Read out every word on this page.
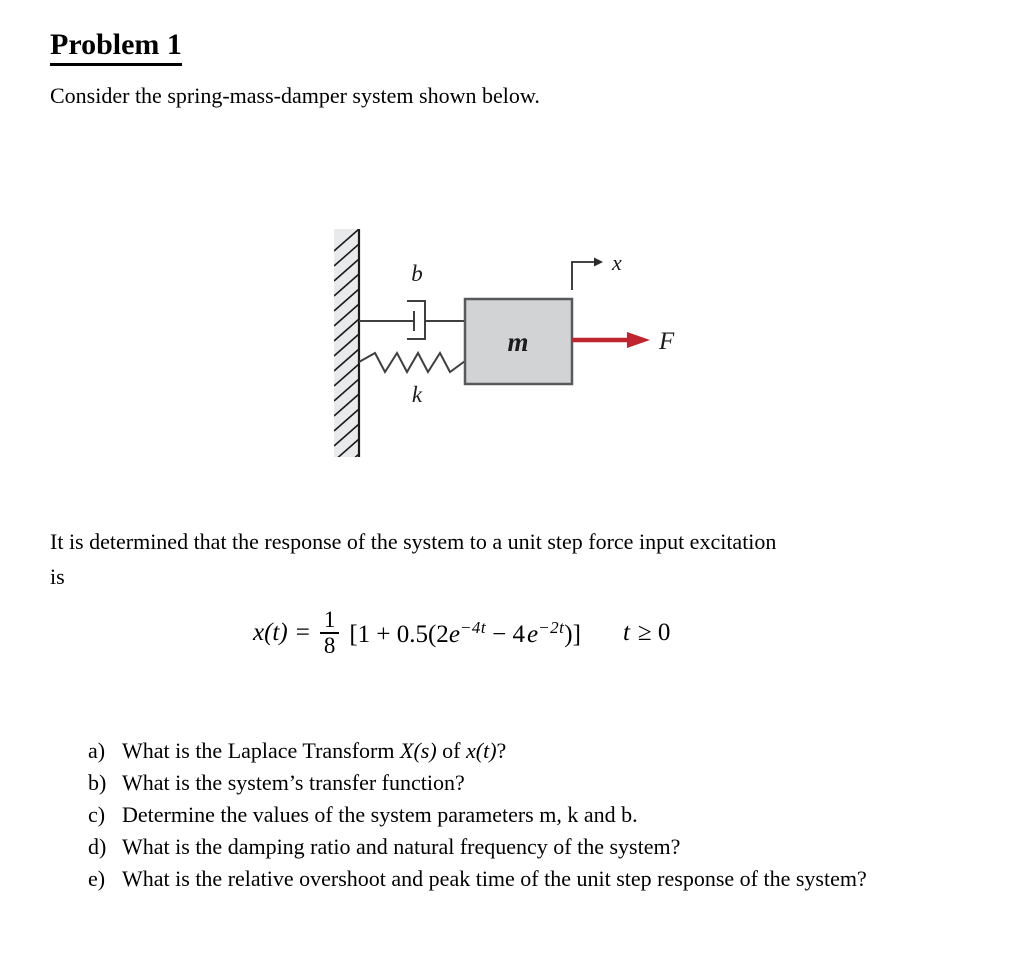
Problem 1
Consider the spring-mass-damper system shown below.
m
b
k
x
F
It is determined that the response of the system to a unit step force input excitation
is
$x(t) = \frac{1}{8} [1 + 0.5(2e^{-4t} - 4e^{-2t})] t \ge 0$
a) What is the Laplace Transform X(s) of x(t)?
b) What is the system’s transfer function?
c) Determine the values of the system parameters m, k and b.
d) What is the damping ratio and natural frequency of the system?
e) What is the relative overshoot and peak time of the unit step response of the system?
